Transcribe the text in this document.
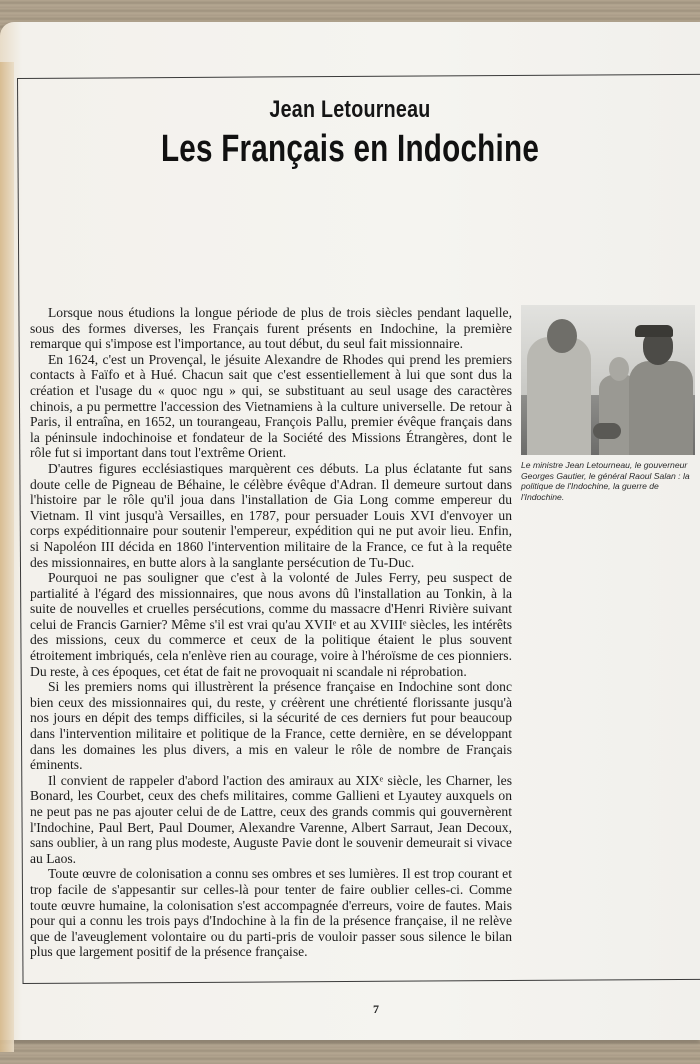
Jean Letourneau
Les Français en Indochine

Lorsque nous étudions la longue période de plus de trois siècles pendant laquelle, sous des formes diverses, les Français furent présents en Indochine, la première remarque qui s'impose est l'importance, au tout début, du seul fait missionnaire.

En 1624, c'est un Provençal, le jésuite Alexandre de Rhodes qui prend les premiers contacts à Faïfo et à Hué. Chacun sait que c'est essentiellement à lui que sont dus la création et l'usage du « quoc ngu » qui, se substituant au seul usage des caractères chinois, a pu permettre l'accession des Vietnamiens à la culture universelle. De retour à Paris, il entraîna, en 1652, un tourangeau, François Pallu, premier évêque français dans la péninsule indochinoise et fondateur de la Société des Missions Étrangères, dont le rôle fut si important dans tout l'extrême Orient.

D'autres figures ecclésiastiques marquèrent ces débuts. La plus éclatante fut sans doute celle de Pigneau de Béhaine, le célèbre évêque d'Adran. Il demeure surtout dans l'histoire par le rôle qu'il joua dans l'installation de Gia Long comme empereur du Vietnam. Il vint jusqu'à Versailles, en 1787, pour persuader Louis XVI d'envoyer un corps expéditionnaire pour soutenir l'empereur, expédition qui ne put avoir lieu. Enfin, si Napoléon III décida en 1860 l'intervention militaire de la France, ce fut à la requête des missionnaires, en butte alors à la sanglante persécution de Tu-Duc.

Pourquoi ne pas souligner que c'est à la volonté de Jules Ferry, peu suspect de partialité à l'égard des missionnaires, que nous avons dû l'installation au Tonkin, à la suite de nouvelles et cruelles persécutions, comme du massacre d'Henri Rivière suivant celui de Francis Garnier? Même s'il est vrai qu'au XVIIᵉ et au XVIIIᵉ siècles, les intérêts des missions, ceux du commerce et ceux de la politique étaient le plus souvent étroitement imbriqués, cela n'enlève rien au courage, voire à l'héroïsme de ces pionniers. Du reste, à ces époques, cet état de fait ne provoquait ni scandale ni réprobation.

Si les premiers noms qui illustrèrent la présence française en Indochine sont donc bien ceux des missionnaires qui, du reste, y créèrent une chrétienté florissante jusqu'à nos jours en dépit des temps difficiles, si la sécurité de ces derniers fut pour beaucoup dans l'intervention militaire et politique de la France, cette dernière, en se développant dans les domaines les plus divers, a mis en valeur le rôle de nombre de Français éminents.

Il convient de rappeler d'abord l'action des amiraux au XIXᵉ siècle, les Charner, les Bonard, les Courbet, ceux des chefs militaires, comme Gallieni et Lyautey auxquels on ne peut pas ne pas ajouter celui de de Lattre, ceux des grands commis qui gouvernèrent l'Indochine, Paul Bert, Paul Doumer, Alexandre Varenne, Albert Sarraut, Jean Decoux, sans oublier, à un rang plus modeste, Auguste Pavie dont le souvenir demeurait si vivace au Laos.

Toute œuvre de colonisation a connu ses ombres et ses lumières. Il est trop courant et trop facile de s'appesantir sur celles-là pour tenter de faire oublier celles-ci. Comme toute œuvre humaine, la colonisation s'est accompagnée d'erreurs, voire de fautes. Mais pour qui a connu les trois pays d'Indochine à la fin de la présence française, il ne relève que de l'aveuglement volontaire ou du parti-pris de vouloir passer sous silence le bilan plus que largement positif de la présence française.

Le ministre Jean Letourneau, le gouverneur Georges Gautier, le général Raoul Salan : la politique de l'Indochine, la guerre de l'Indochine.
7
